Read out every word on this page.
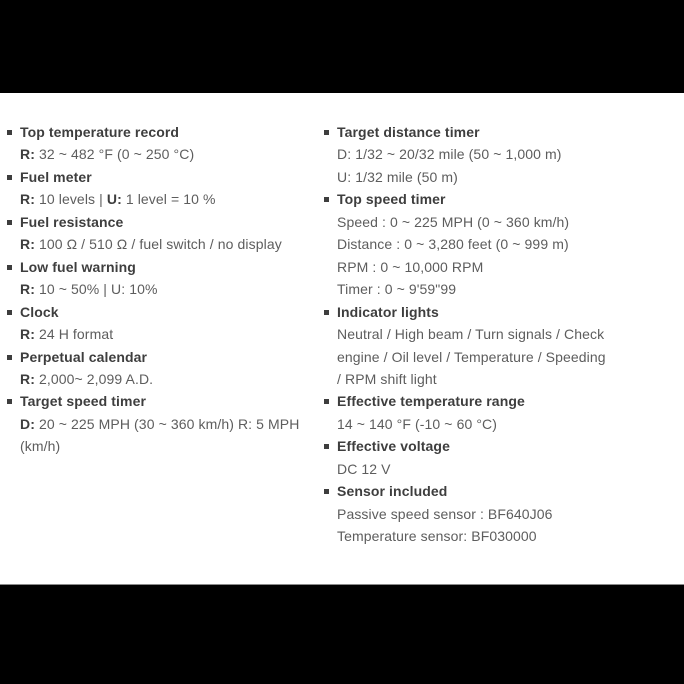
Top temperature record
R: 32 ~ 482 °F (0 ~ 250 °C)
Fuel meter
R: 10 levels | U: 1 level = 10 %
Fuel resistance
R: 100 Ω / 510 Ω / fuel switch / no display
Low fuel warning
R: 10 ~ 50% | U: 10%
Clock
R: 24 H format
Perpetual calendar
R: 2,000~ 2,099 A.D.
Target speed timer
D: 20 ~ 225 MPH (30 ~ 360 km/h) R: 5 MPH
(km/h)
Target distance timer
D: 1/32 ~ 20/32 mile (50 ~ 1,000 m)
U: 1/32 mile (50 m)
Top speed timer
Speed : 0 ~ 225 MPH (0 ~ 360 km/h)
Distance : 0 ~ 3,280 feet (0 ~ 999 m)
RPM : 0 ~ 10,000 RPM
Timer : 0 ~ 9'59"99
Indicator lights
Neutral / High beam / Turn signals / Check
engine / Oil level / Temperature / Speeding
/ RPM shift light
Effective temperature range
14 ~ 140 °F (-10 ~ 60 °C)
Effective voltage
DC 12 V
Sensor included
Passive speed sensor : BF640J06
Temperature sensor: BF030000
